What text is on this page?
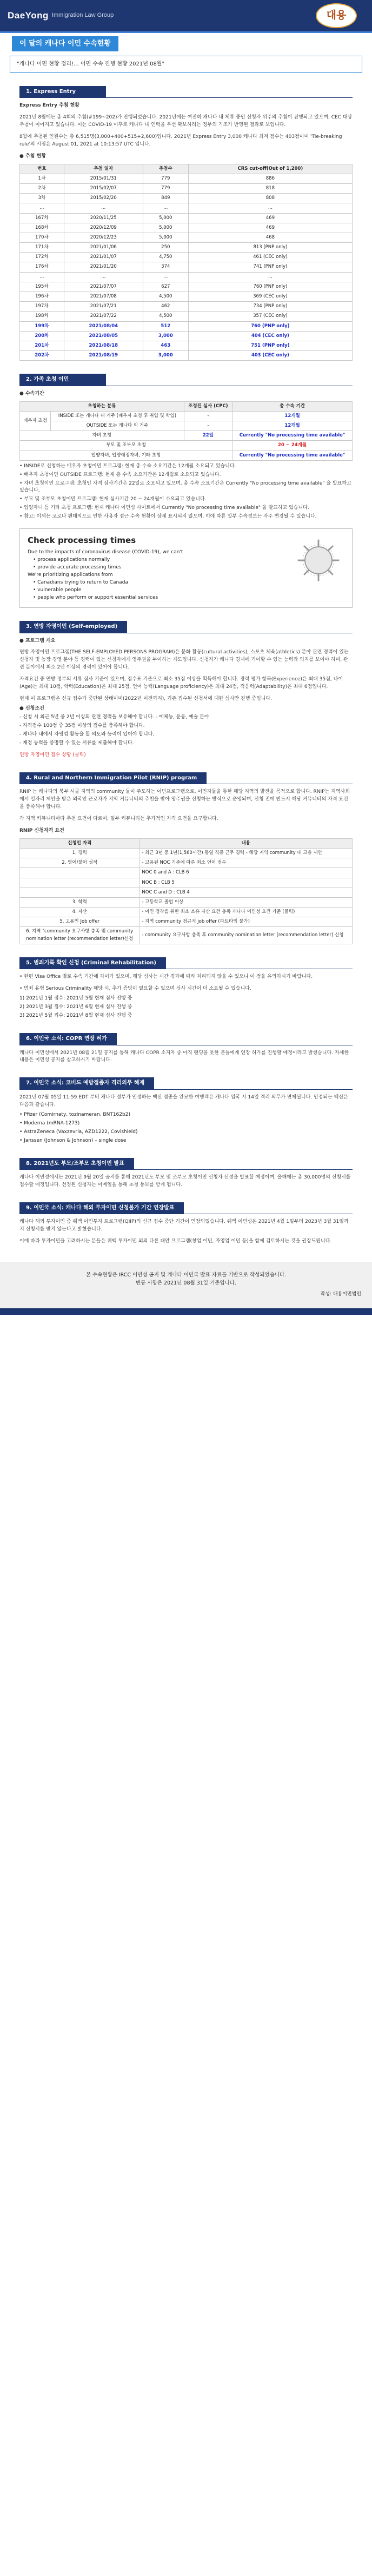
DaeYong Immigration Law Group	대용
이 달의 캐나다 이민 수속현황
"캐나다 이민 현황 정리!... 이민 수속 진행 현황 2021년 08월"
1. Express Entry

Express Entry 추첨 현황

2021년 8월에는 총 4회의 추첨(#199~202)가 진행되었습니다. 2021년에는 여전히 캐나다 내 체류 중인 신청자 위주의 추첨이 진행되고 있으며, CEC 대상 추첨이 이어지고 있습니다. 이는 COVID-19 이후로 캐나다 내 인력을 우선 확보하려는 정부의 기조가 반영된 결과로 보입니다.

8월에 추첨된 인원수는 총 6,515명(3,000+400+515+2,600)입니다. 2021년 Express Entry 3,000 캐나다 최저 점수는 403점이며 'Tie-breaking rule'의 시점은 August 01, 2021 at 10:13:57 UTC 입니다.

● 추첨 현황

번호	추첨 일자	추첨수	CRS cut-off(Out of 1,200)
1차	2015/01/31	779	886
2차	2015/02/07	779	818
3차	2015/02/20	849	808
...	...	...	...
167차	2020/11/25	5,000	469
168차	2020/12/09	5,000	469
170차	2020/12/23	5,000	468
171차	2021/01/06	250	813 (PNP only)
172차	2021/01/07	4,750	461 (CEC only)
176차	2021/01/20	374	741 (PNP only)
...	...	...	...
195차	2021/07/07	627	760 (PNP only)
196차	2021/07/08	4,500	369 (CEC only)
197차	2021/07/21	462	734 (PNP only)
198차	2021/07/22	4,500	357 (CEC only)
199차	2021/08/04	512	760 (PNP only)
200차	2021/08/05	3,000	404 (CEC only)
201차	2021/08/18	463	751 (PNP only)
202차	2021/08/19	3,000	403 (CEC only)
2. 가족 초청 이민

● 수속기간

초청하는 분류		조정된 심사 (CPC)	총 수속 기간
배우자 초청	INSIDE 또는 캐나다 내 거주 (배우자 초청 후 취업 및 학업)	-	12개월
	OUTSIDE 또는 캐나다 외 거주	-	12개월
자녀 초청		22일	Currently "No processing time available"
부모 및 조부모 초청			20 ~ 24개월
입양자녀, 입양예정자녀, 기타 초청			Currently "No processing time available"

• INSIDE로 신청하는 배우자 초청이민 프로그램: 현재 총 수속 소요기간은 12개월 소요되고 있습니다.

• 배우자 초청이민 OUTSIDE 프로그램: 현재 총 수속 소요기간은 12개월로 소요되고 있습니다.

• 자녀 초청이민 프로그램: 초청인 자격 심사기간은 22일로 소요되고 있으며, 총 수속 소요기간은 Currently "No processing time available" 을 발표하고 있습니다.

• 부모 및 조부모 초청이민 프로그램: 현재 심사기간 20 ~ 24개월이 소요되고 있습니다.

• 입양자녀 등 기타 초청 프로그램: 현재 캐나다 이민성 사이트에서 Currently "No processing time available" 을 발표하고 있습니다.

• 참고: 이제는 코로나 팬데믹으로 인한 사용자 접근 수속 현황이 상세 표시되지 않으며, 이에 따른 일부 수속정보는 자주 변경될 수 있습니다.

Check processing times

Due to the impacts of coronavirus disease (COVID-19), we can't

• process applications normally

• provide accurate processing times

We're prioritizing applications from

• Canadians trying to return to Canada

• vulnerable people

• people who perform or support essential services

3. 연방 자영이민 (Self-employed)

● 프로그램 개요

연방 자영이민 프로그램(THE SELF-EMPLOYED PERSONS PROGRAM)은 문화 활동(cultural activities), 스포츠 체육(athletics) 분야 관련 경력이 있는 신청자 및 농장 경영 분야 등 경력이 있는 신청자에게 영주권을 부여하는 제도입니다. 신청자가 캐나다 경제에 기여할 수 있는 능력과 의지를 보여야 하며, 관련 분야에서 최소 2년 이상의 경력이 있어야 합니다.

자격요건 중 연방 정부의 서류 심사 기준이 있으며, 점수표 기준으로 최소 35점 이상을 획득해야 합니다. 경력 평가 항목(Experience)은 최대 35점, 나이(Age)는 최대 10점, 학력(Education)은 최대 25점, 언어 능력(Language proficiency)은 최대 24점, 적응력(Adaptability)은 최대 6점입니다.

현재 이 프로그램은 신규 접수가 중단된 상태이며(2022년 이전까지), 기존 접수된 신청서에 대한 심사만 진행 중입니다.

● 신청조건

- 신청 시 최근 5년 중 2년 이상의 관련 경력을 보유해야 합니다. - 예체능, 운동, 예술 분야

- 자격점수 100점 중 35점 이상의 점수를 충족해야 합니다.

- 캐나다 내에서 자영업 활동을 할 의도와 능력이 있어야 합니다.

- 재정 능력을 증명할 수 있는 서류를 제출해야 합니다.

연방 자영이민 접수 상황 (클릭)

4. Rural and Northern Immigration Pilot (RNIP) program

RNIP 는 캐나다의 북부 시골 지역의 community 들이 주도하는 이민프로그램으로, 이민자들을 통한 해당 지역의 발전을 목적으로 합니다. RNIP는 지역사회에서 일자리 제안을 받은 외국인 근로자가 지역 커뮤니티의 추천을 받아 영주권을 신청하는 방식으로 운영되며, 신청 전에 반드시 해당 커뮤니티의 자격 요건을 충족해야 합니다.

각 지역 커뮤니티마다 추천 요건이 다르며, 일부 커뮤니티는 추가적인 자격 요건을 요구합니다.

RNIP 신청자격 요건

신청인 자격	내용
1. 경력	- 최근 3년 중 1년(1,560시간) 동일 직종 근무 경력 - 해당 지역 community 내 고용 제안
2. 영어/불어 성적	- 고용된 NOC 기준에 따른 최소 언어 점수
	NOC 0 and A : CLB 6
	NOC B : CLB 5
	NOC C and D : CLB 4
3. 학력	- 고등학교 졸업 이상
4. 자산	- 이민 정착을 위한 최소 소유 자산 요건 충족 캐나다 이민성 요건 기준 (클릭)
5. 고용인 Job offer	- 지역 community 정규직 job offer (파트타임 불가)
6. 지역 "community 요구사항 충족 및 community nomination letter (recommendation letter)신청	- community 요구사항 충족 후 community nomination letter (recommendation letter) 신청
5. 범죄기록 확인 신청 (Criminal Rehabilitation)

• 한편 Visa Office 별로 수속 기간에 차이가 있으며, 해당 심사는 시간 경과에 따라 처리되지 않을 수 있으니 이 점을 유의하시기 바랍니다.

• 범죄 유형 Serious Criminality 해당 시, 추가 증빙이 필요할 수 있으며 심사 시간이 더 소요될 수 있습니다.

1) 2021년 1월 접수: 2021년 5월 현재 심사 진행 중

2) 2021년 3월 접수: 2021년 6월 현재 심사 진행 중

3) 2021년 5월 접수: 2021년 8월 현재 심사 진행 중

6. 이민국 소식: COPR 연장 허가

캐나다 이민성에서 2021년 08월 21일 공지를 통해 캐나다 COPR 소지자 중 아직 랜딩을 못한 분들에게 연장 허가를 진행할 예정이라고 밝혔습니다. 자세한 내용은 이민성 공지를 참고하시기 바랍니다.

7. 이민국 소식: 코비드 예방접종자 격리의무 해제

2021년 07월 05일 11:59 EDT 부터 캐나다 정부가 인정하는 백신 접종을 완료한 여행객은 캐나다 입국 시 14일 격리 의무가 면제됩니다. 인정되는 백신은 다음과 같습니다.

• Pfizer (Comirnaty, tozinameran, BNT162b2)

• Moderna (mRNA-1273)

• AstraZeneca (Vaxzevria, AZD1222, Covishield)

• Janssen (Johnson & Johnson) – single dose

8. 2021년도 부모/조부모 초청이민 발표

캐나다 이민성에서는 2021년 9월 20일 공지를 통해 2021년도 부모 및 조부모 초청이민 신청자 선정을 발표할 예정이며, 올해에는 총 30,000명의 신청서를 접수할 예정입니다. 선정된 신청자는 이메일을 통해 초청 통보를 받게 됩니다.

9. 이민국 소식: 캐나다 해외 투자이민 신청불가 기간 연장발표

캐나다 해외 투자이민 중 퀘벡 이민투자 프로그램(QIIP)의 신규 접수 중단 기간이 연장되었습니다. 퀘벡 이민성은 2021년 4월 1일부터 2023년 3월 31일까지 신청서를 받지 않는다고 밝혔습니다.

이에 따라 투자이민을 고려하시는 분들은 퀘벡 투자이민 외의 다른 대안 프로그램(창업 이민, 자영업 이민 등)을 함께 검토하시는 것을 권장드립니다.

본 수속현황은 IRCC 이민성 공지 및 캐나다 이민국 발표 자료를 기반으로 작성되었습니다.

변동 사항은 2021년 08월 31일 기준입니다.

작성: 대용이민법인
